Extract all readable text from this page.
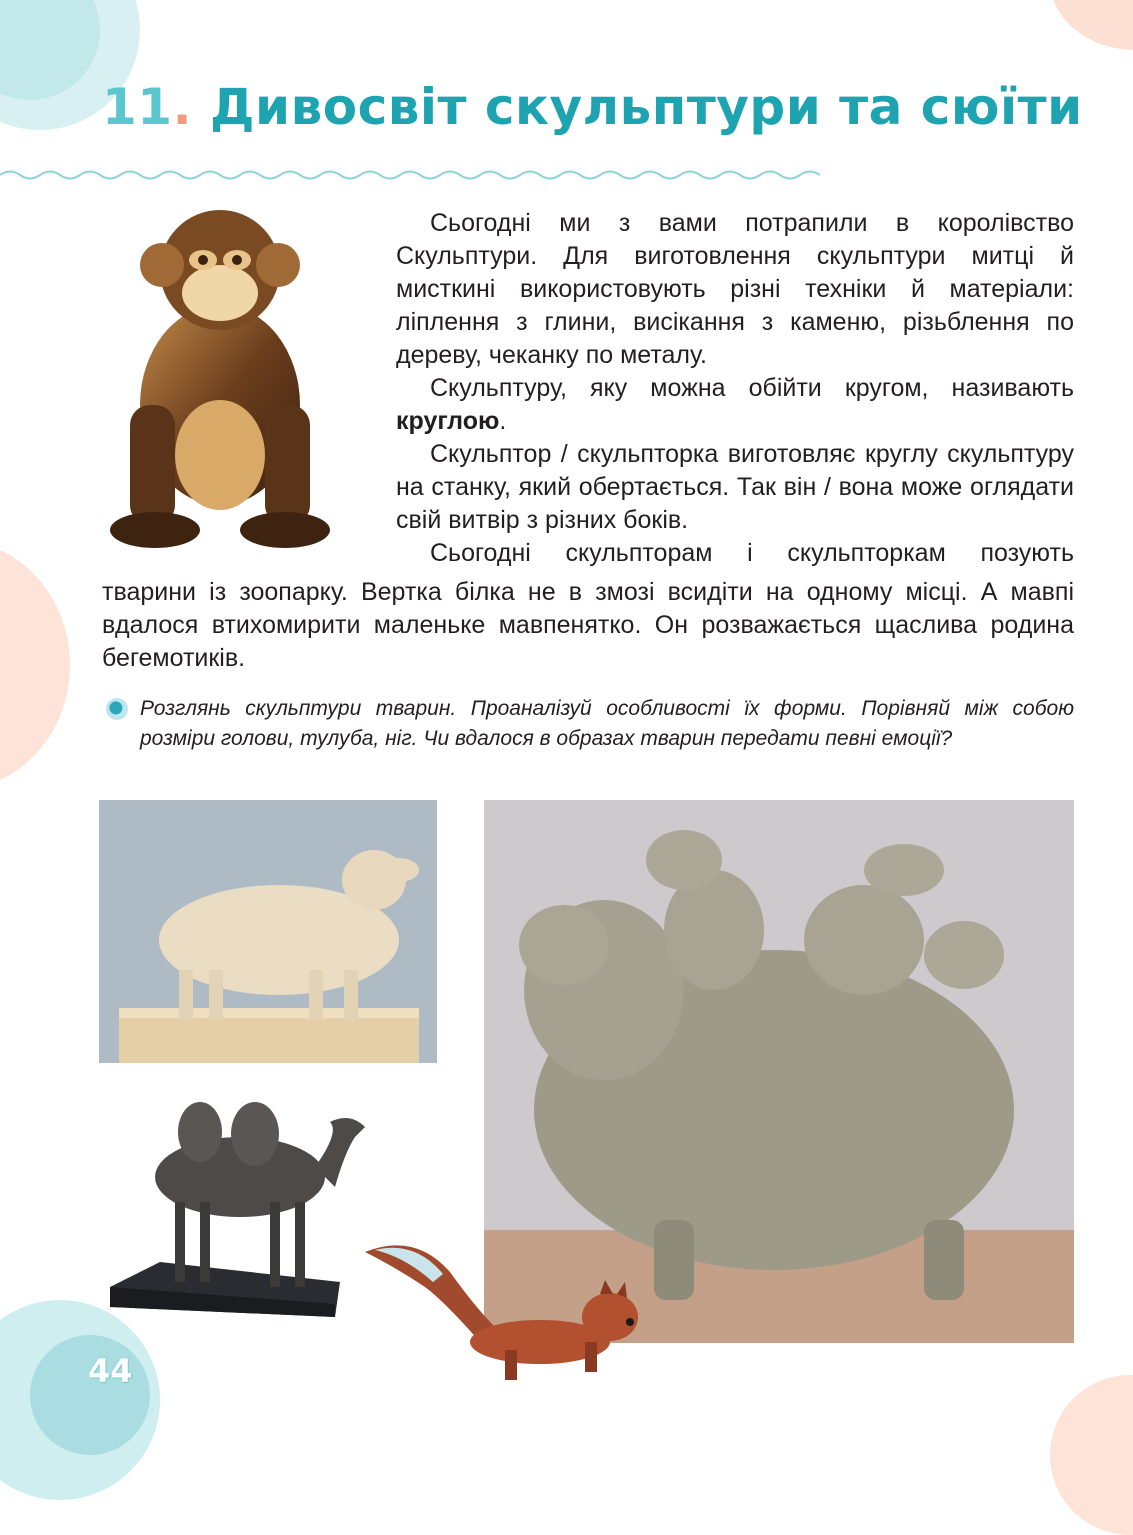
11. Дивосвіт скульптури та сюїти

Сьогодні ми з вами потрапили в королівство Скульптури. Для виготовлення скульптури митці й мисткині використовують різні техніки й матеріали: ліплення з глини, висікання з каменю, різьблення по дереву, чеканку по металу.

Скульптуру, яку можна обійти кругом, називають круглою.

Скульптор / скульпторка виготовляє круглу скульптуру на станку, який обертається. Так він / вона може оглядати свій витвір з різних боків.

Сьогодні скульпторам і скульпторкам позують

тварини із зоопарку. Вертка білка не в змозі всидіти на одному місці. А мавпі вдалося втихомирити маленьке мавпенятко. Он розважається щаслива родина бегемотиків.

Розглянь скульптури тварин. Проаналізуй особливості їх форми. Порівняй між собою розміри голови, тулуба, ніг. Чи вдалося в образах тварин передати певні емоції?
44
